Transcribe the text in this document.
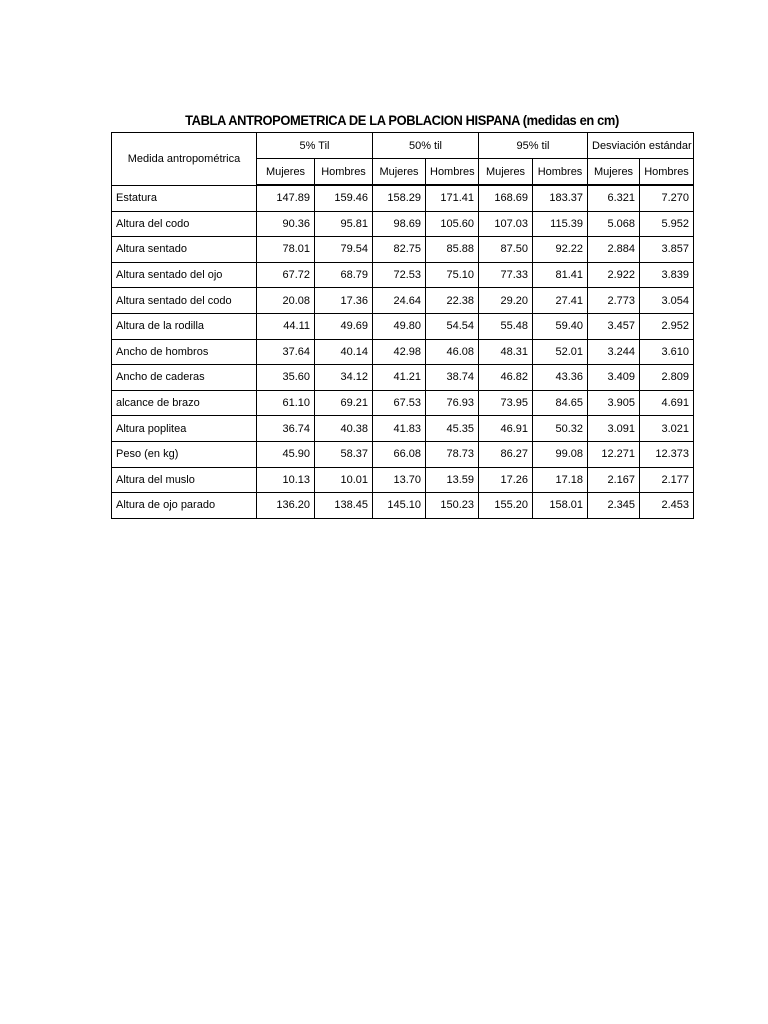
TABLA ANTROPOMETRICA DE LA POBLACION HISPANA (medidas en cm)
Medida antropométrica	5% Til		50% til		95% til		Desviación estándar	
	Mujeres	Hombres	Mujeres	Hombres	Mujeres	Hombres	Mujeres	Hombres
Estatura	147.89	159.46	158.29	171.41	168.69	183.37	6.321	7.270
Altura del codo	90.36	95.81	98.69	105.60	107.03	115.39	5.068	5.952
Altura sentado	78.01	79.54	82.75	85.88	87.50	92.22	2.884	3.857
Altura sentado del ojo	67.72	68.79	72.53	75.10	77.33	81.41	2.922	3.839
Altura sentado del codo	20.08	17.36	24.64	22.38	29.20	27.41	2.773	3.054
Altura de la rodilla	44.11	49.69	49.80	54.54	55.48	59.40	3.457	2.952
Ancho de hombros	37.64	40.14	42.98	46.08	48.31	52.01	3.244	3.610
Ancho de caderas	35.60	34.12	41.21	38.74	46.82	43.36	3.409	2.809
alcance de brazo	61.10	69.21	67.53	76.93	73.95	84.65	3.905	4.691
Altura poplitea	36.74	40.38	41.83	45.35	46.91	50.32	3.091	3.021
Peso (en kg)	45.90	58.37	66.08	78.73	86.27	99.08	12.271	12.373
Altura del muslo	10.13	10.01	13.70	13.59	17.26	17.18	2.167	2.177
Altura de ojo parado	136.20	138.45	145.10	150.23	155.20	158.01	2.345	2.453
